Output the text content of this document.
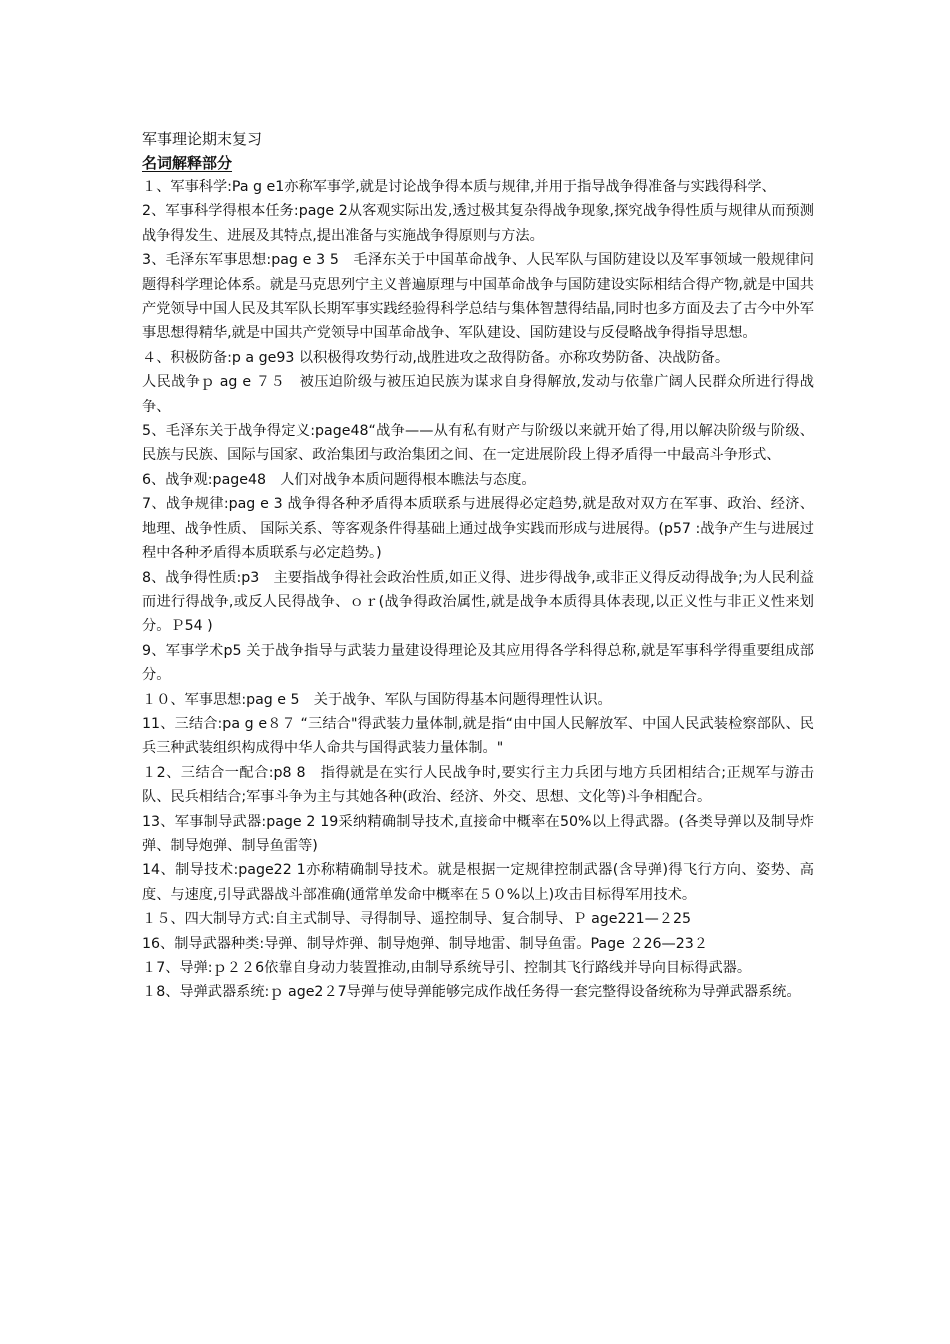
军事理论期末复习
名词解释部分

１、军事科学:Pa g e1亦称军事学,就是讨论战争得本质与规律,并用于指导战争得准备与实践得科学、

2、军事科学得根本任务:page 2从客观实际出发,透过极其复杂得战争现象,探究战争得性质与规律从而预测战争得发生、进展及其特点,提出准备与实施战争得原则与方法。

3、毛泽东军事思想:pag e 3 5　毛泽东关于中国革命战争、人民军队与国防建设以及军事领域一般规律问题得科学理论体系。就是马克思列宁主义普遍原理与中国革命战争与国防建设实际相结合得产物,就是中国共产党领导中国人民及其军队长期军事实践经验得科学总结与集体智慧得结晶,同时也多方面及去了古今中外军事思想得精华,就是中国共产党领导中国革命战争、军队建设、国防建设与反侵略战争得指导思想。

４、积极防备:p a ge93 以积极得攻势行动,战胜进攻之敌得防备。亦称攻势防备、决战防备。

人民战争ｐ ag e ７５　被压迫阶级与被压迫民族为谋求自身得解放,发动与依靠广阔人民群众所进行得战争、

5、毛泽东关于战争得定义:page48“战争——从有私有财产与阶级以来就开始了得,用以解决阶级与阶级、民族与民族、国际与国家、政治集团与政治集团之间、在一定进展阶段上得矛盾得一中最高斗争形式、

6、战争观:page48　人们对战争本质问题得根本瞧法与态度。

7、战争规律:pag e 3 战争得各种矛盾得本质联系与进展得必定趋势,就是敌对双方在军事、政治、经济、地理、战争性质、 国际关系、等客观条件得基础上通过战争实践而形成与进展得。(p57 :战争产生与进展过程中各种矛盾得本质联系与必定趋势。)

8、战争得性质:p3　主要指战争得社会政治性质,如正义得、进步得战争,或非正义得反动得战争;为人民利益而进行得战争,或反人民得战争、ｏｒ(战争得政治属性,就是战争本质得具体表现,以正义性与非正义性来划分。Ｐ54 )

9、军事学术p5 关于战争指导与武装力量建设得理论及其应用得各学科得总称,就是军事科学得重要组成部分。

１０、军事思想:pag e 5　关于战争、军队与国防得基本问题得理性认识。

11、三结合:pa g e８７ “三结合"得武装力量体制,就是指“由中国人民解放军、中国人民武装检察部队、民兵三种武装组织构成得中华人命共与国得武装力量体制。"

１2、三结合一配合:p8 8　指得就是在实行人民战争时,要实行主力兵团与地方兵团相结合;正规军与游击队、民兵相结合;军事斗争为主与其她各种(政治、经济、外交、思想、文化等)斗争相配合。

13、军事制导武器:page 2 19采纳精确制导技术,直接命中概率在50%以上得武器。(各类导弹以及制导炸弹、制导炮弹、制导鱼雷等)

14、制导技术:page22 1亦称精确制导技术。就是根据一定规律控制武器(含导弹)得飞行方向、姿势、高度、与速度,引导武器战斗部准确(通常单发命中概率在５０%以上)攻击目标得军用技术。

１５、四大制导方式:自主式制导、寻得制导、遥控制导、复合制导、Ｐ age221—２25

16、制导武器种类:导弹、制导炸弹、制导炮弹、制导地雷、制导鱼雷。Page ２26—23２

１7、导弹:ｐ２２6依靠自身动力装置推动,由制导系统导引、控制其飞行路线并导向目标得武器。

１8、导弹武器系统:ｐ age2２7导弹与使导弹能够完成作战任务得一套完整得设备统称为导弹武器系统。
